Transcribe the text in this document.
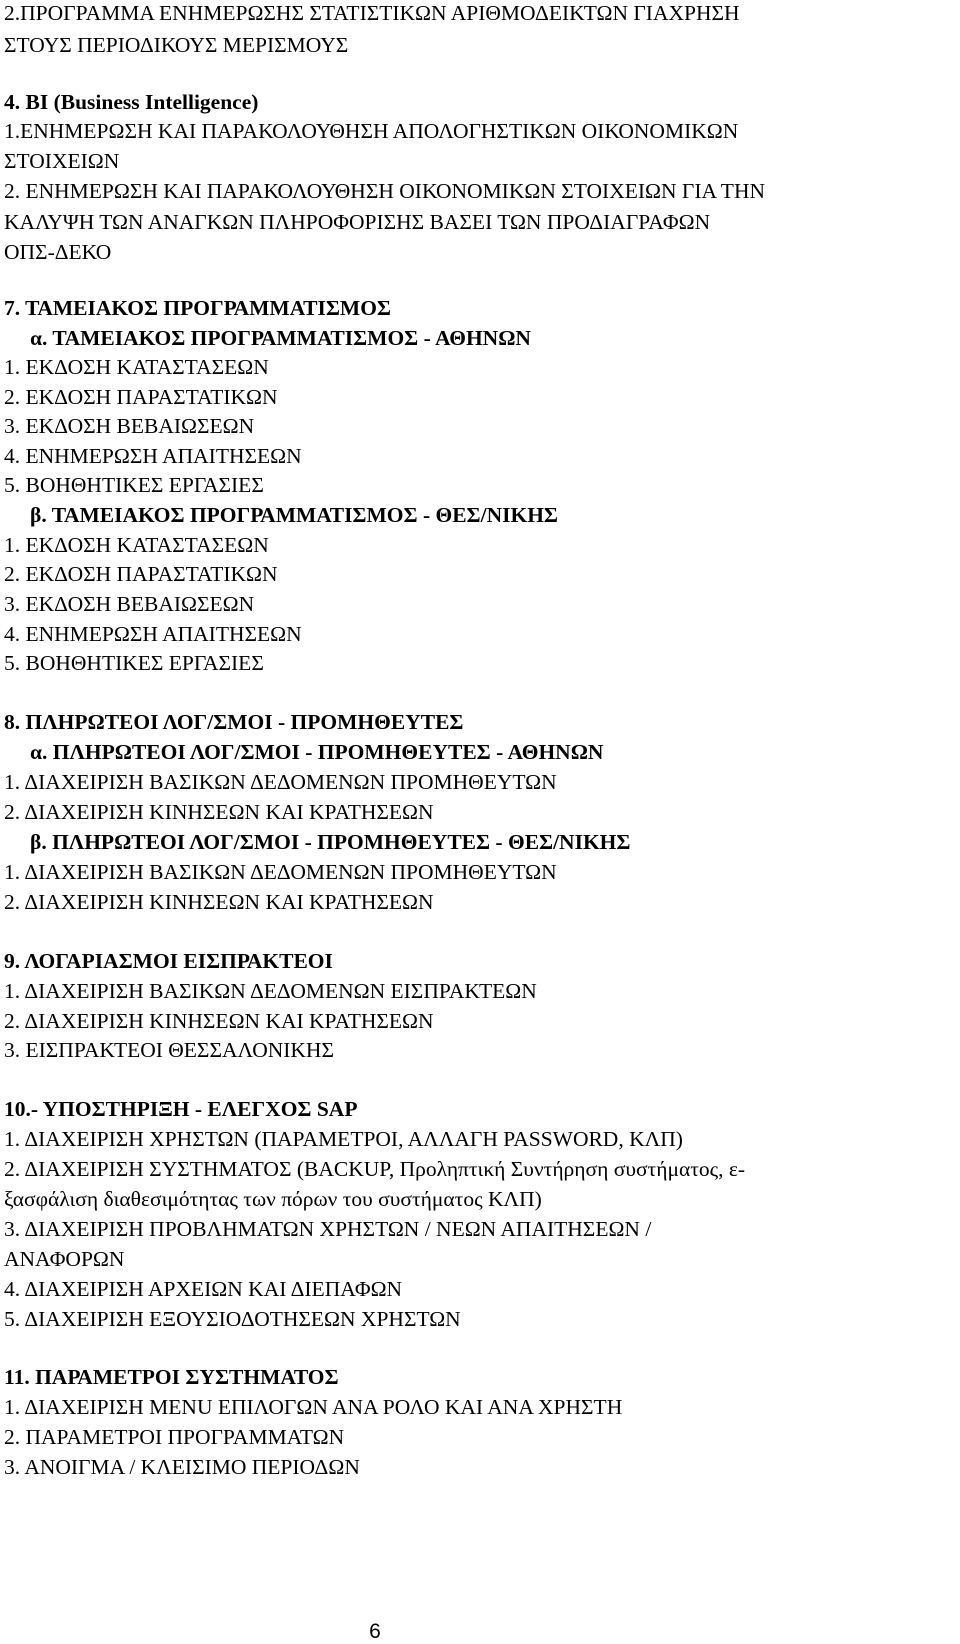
2.ΠΡΟΓΡΑΜΜΑ ΕΝΗΜΕΡΩΣΗΣ ΣΤΑΤΙΣΤΙΚΩΝ ΑΡΙΘΜΟΔΕΙΚΤΩΝ ΓΙΑΧΡΗΣΗ
ΣΤΟΥΣ ΠΕΡΙΟΔΙΚΟΥΣ ΜΕΡΙΣΜΟΥΣ
4. BI (Business Intelligence)
1.ΕΝΗΜΕΡΩΣΗ ΚΑΙ ΠΑΡΑΚΟΛΟΥΘΗΣΗ ΑΠΟΛΟΓΗΣΤΙΚΩΝ ΟΙΚΟΝΟΜΙΚΩΝ
ΣΤΟΙΧΕΙΩΝ
2. ΕΝΗΜΕΡΩΣΗ ΚΑΙ ΠΑΡΑΚΟΛΟΥΘΗΣΗ ΟΙΚΟΝΟΜΙΚΩΝ ΣΤΟΙΧΕΙΩΝ ΓΙΑ ΤΗΝ
ΚΑΛΥΨΗ ΤΩΝ ΑΝΑΓΚΩΝ ΠΛΗΡΟΦΟΡΙΣΗΣ ΒΑΣΕΙ ΤΩΝ ΠΡΟΔΙΑΓΡΑΦΩΝ
ΟΠΣ-ΔΕΚΟ
7. ΤΑΜΕΙΑΚΟΣ ΠΡΟΓΡΑΜΜΑΤΙΣΜΟΣ
α. ΤΑΜΕΙΑΚΟΣ ΠΡΟΓΡΑΜΜΑΤΙΣΜΟΣ - ΑΘΗΝΩΝ
1. ΕΚΔΟΣΗ ΚΑΤΑΣΤΑΣΕΩΝ
2. ΕΚΔΟΣΗ ΠΑΡΑΣΤΑΤΙΚΩΝ
3. ΕΚΔΟΣΗ ΒΕΒΑΙΩΣΕΩΝ
4. ΕΝΗΜΕΡΩΣΗ ΑΠΑΙΤΗΣΕΩΝ
5. ΒΟΗΘΗΤΙΚΕΣ ΕΡΓΑΣΙΕΣ
β. ΤΑΜΕΙΑΚΟΣ ΠΡΟΓΡΑΜΜΑΤΙΣΜΟΣ - ΘΕΣ/ΝΙΚΗΣ
1. ΕΚΔΟΣΗ ΚΑΤΑΣΤΑΣΕΩΝ
2. ΕΚΔΟΣΗ ΠΑΡΑΣΤΑΤΙΚΩΝ
3. ΕΚΔΟΣΗ ΒΕΒΑΙΩΣΕΩΝ
4. ΕΝΗΜΕΡΩΣΗ ΑΠΑΙΤΗΣΕΩΝ
5. ΒΟΗΘΗΤΙΚΕΣ ΕΡΓΑΣΙΕΣ
8. ΠΛΗΡΩΤΕΟΙ ΛΟΓ/ΣΜΟΙ - ΠΡΟΜΗΘΕΥΤΕΣ
α. ΠΛΗΡΩΤΕΟΙ ΛΟΓ/ΣΜΟΙ - ΠΡΟΜΗΘΕΥΤΕΣ - ΑΘΗΝΩΝ
1. ΔΙΑΧΕΙΡΙΣΗ ΒΑΣΙΚΩΝ ΔΕΔΟΜΕΝΩΝ ΠΡΟΜΗΘΕΥΤΩΝ
2. ΔΙΑΧΕΙΡΙΣΗ ΚΙΝΗΣΕΩΝ ΚΑΙ ΚΡΑΤΗΣΕΩΝ
β. ΠΛΗΡΩΤΕΟΙ ΛΟΓ/ΣΜΟΙ - ΠΡΟΜΗΘΕΥΤΕΣ - ΘΕΣ/ΝΙΚΗΣ
1. ΔΙΑΧΕΙΡΙΣΗ ΒΑΣΙΚΩΝ ΔΕΔΟΜΕΝΩΝ ΠΡΟΜΗΘΕΥΤΩΝ
2. ΔΙΑΧΕΙΡΙΣΗ ΚΙΝΗΣΕΩΝ ΚΑΙ ΚΡΑΤΗΣΕΩΝ
9. ΛΟΓΑΡΙΑΣΜΟΙ ΕΙΣΠΡΑΚΤΕΟΙ
1. ΔΙΑΧΕΙΡΙΣΗ ΒΑΣΙΚΩΝ ΔΕΔΟΜΕΝΩΝ ΕΙΣΠΡΑΚΤΕΩΝ
2. ΔΙΑΧΕΙΡΙΣΗ ΚΙΝΗΣΕΩΝ ΚΑΙ ΚΡΑΤΗΣΕΩΝ
3. ΕΙΣΠΡΑΚΤΕΟΙ ΘΕΣΣΑΛΟΝΙΚΗΣ
10.- ΥΠΟΣΤΗΡΙΞΗ - ΕΛΕΓΧΟΣ SAP
1. ΔΙΑΧΕΙΡΙΣΗ ΧΡΗΣΤΩΝ (ΠΑΡΑΜΕΤΡΟΙ, ΑΛΛΑΓΗ PASSWORD, ΚΛΠ)
2. ΔΙΑΧΕΙΡΙΣΗ ΣΥΣΤΗΜΑΤΟΣ (BACKUP, Προληπτική Συντήρηση συστήματος, ε-
ξασφάλιση διαθεσιμότητας των πόρων του συστήματος ΚΛΠ)
3. ΔΙΑΧΕΙΡΙΣΗ ΠΡΟΒΛΗΜΑΤΩΝ ΧΡΗΣΤΩΝ / ΝΕΩΝ ΑΠΑΙΤΗΣΕΩΝ /
ΑΝΑΦΟΡΩΝ
4. ΔΙΑΧΕΙΡΙΣΗ ΑΡΧΕΙΩΝ ΚΑΙ ΔΙΕΠΑΦΩΝ
5. ΔΙΑΧΕΙΡΙΣΗ ΕΞΟΥΣΙΟΔΟΤΗΣΕΩΝ ΧΡΗΣΤΩΝ
11. ΠΑΡΑΜΕΤΡΟΙ ΣΥΣΤΗΜΑΤΟΣ
1. ΔΙΑΧΕΙΡΙΣΗ MENU ΕΠΙΛΟΓΩΝ ΑΝΑ ΡΟΛΟ ΚΑΙ ΑΝΑ ΧΡΗΣΤΗ
2. ΠΑΡΑΜΕΤΡΟΙ ΠΡΟΓΡΑΜΜΑΤΩΝ
3. ΑΝΟΙΓΜΑ / ΚΛΕΙΣΙΜΟ ΠΕΡΙΟΔΩΝ
6
